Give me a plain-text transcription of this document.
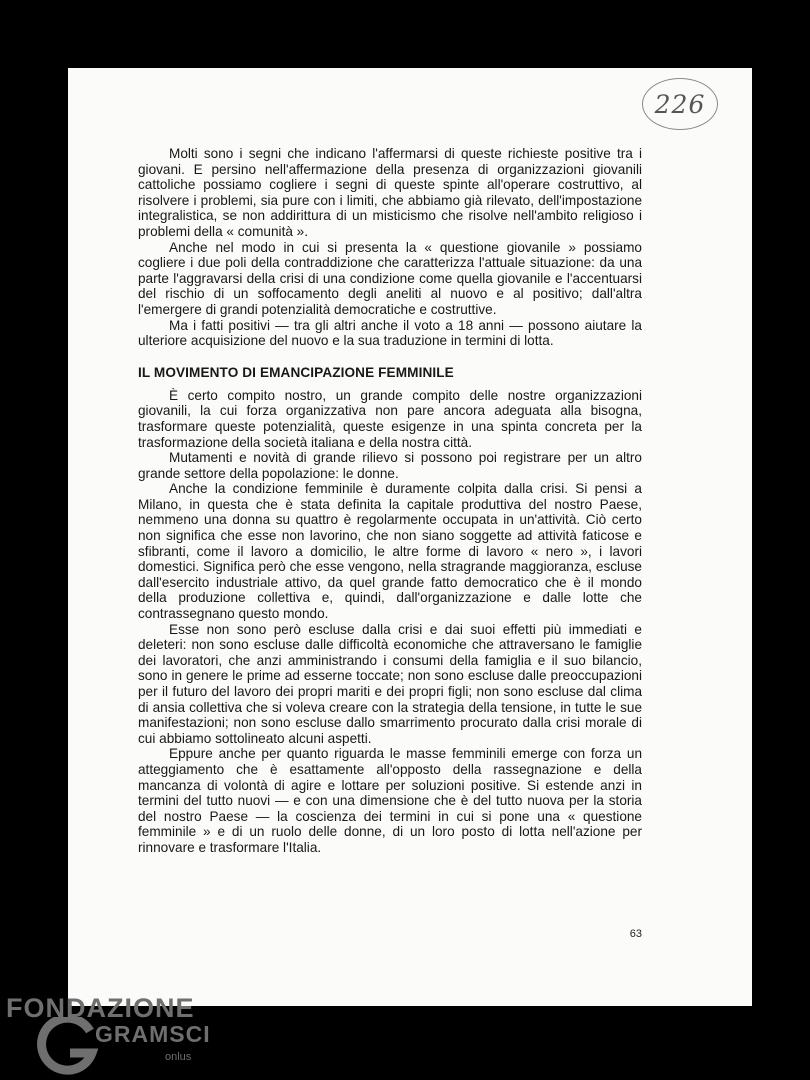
226

Molti sono i segni che indicano l'affermarsi di queste richieste positive tra i giovani. E persino nell'affermazione della presenza di organizzazioni giovanili cattoliche possiamo cogliere i segni di queste spinte all'operare costruttivo, al risolvere i problemi, sia pure con i limiti, che abbiamo già rilevato, dell'impostazione integralistica, se non addirittura di un misticismo che risolve nell'ambito religioso i problemi della « comunità ».

Anche nel modo in cui si presenta la « questione giovanile » possiamo cogliere i due poli della contraddizione che caratterizza l'attuale situazione: da una parte l'aggravarsi della crisi di una condizione come quella giovanile e l'accentuarsi del rischio di un soffocamento degli aneliti al nuovo e al positivo; dall'altra l'emergere di grandi potenzialità democratiche e costruttive.

Ma i fatti positivi — tra gli altri anche il voto a 18 anni — possono aiutare la ulteriore acquisizione del nuovo e la sua traduzione in termini di lotta.

IL MOVIMENTO DI EMANCIPAZIONE FEMMINILE

È certo compito nostro, un grande compito delle nostre organizzazioni giovanili, la cui forza organizzativa non pare ancora adeguata alla bisogna, trasformare queste potenzialità, queste esigenze in una spinta concreta per la trasformazione della società italiana e della nostra città.

Mutamenti e novità di grande rilievo si possono poi registrare per un altro grande settore della popolazione: le donne.

Anche la condizione femminile è duramente colpita dalla crisi. Si pensi a Milano, in questa che è stata definita la capitale produttiva del nostro Paese, nemmeno una donna su quattro è regolarmente occupata in un'attività. Ciò certo non significa che esse non lavorino, che non siano soggette ad attività faticose e sfibranti, come il lavoro a domicilio, le altre forme di lavoro « nero », i lavori domestici. Significa però che esse vengono, nella stragrande maggioranza, escluse dall'esercito industriale attivo, da quel grande fatto democratico che è il mondo della produzione collettiva e, quindi, dall'organizzazione e dalle lotte che contrassegnano questo mondo.

Esse non sono però escluse dalla crisi e dai suoi effetti più immediati e deleteri: non sono escluse dalle difficoltà economiche che attraversano le famiglie dei lavoratori, che anzi amministrando i consumi della famiglia e il suo bilancio, sono in genere le prime ad esserne toccate; non sono escluse dalle preoccupazioni per il futuro del lavoro dei propri mariti e dei propri figli; non sono escluse dal clima di ansia collettiva che si voleva creare con la strategia della tensione, in tutte le sue manifestazioni; non sono escluse dallo smarrimento procurato dalla crisi morale di cui abbiamo sottolineato alcuni aspetti.

Eppure anche per quanto riguarda le masse femminili emerge con forza un atteggiamento che è esattamente all'opposto della rassegnazione e della mancanza di volontà di agire e lottare per soluzioni positive. Si estende anzi in termini del tutto nuovi — e con una dimensione che è del tutto nuova per la storia del nostro Paese — la coscienza dei termini in cui si pone una « questione femminile » e di un ruolo delle donne, di un loro posto di lotta nell'azione per rinnovare e trasformare l'Italia.

63
FONDAZIONE
GRAMSCI
onlus
